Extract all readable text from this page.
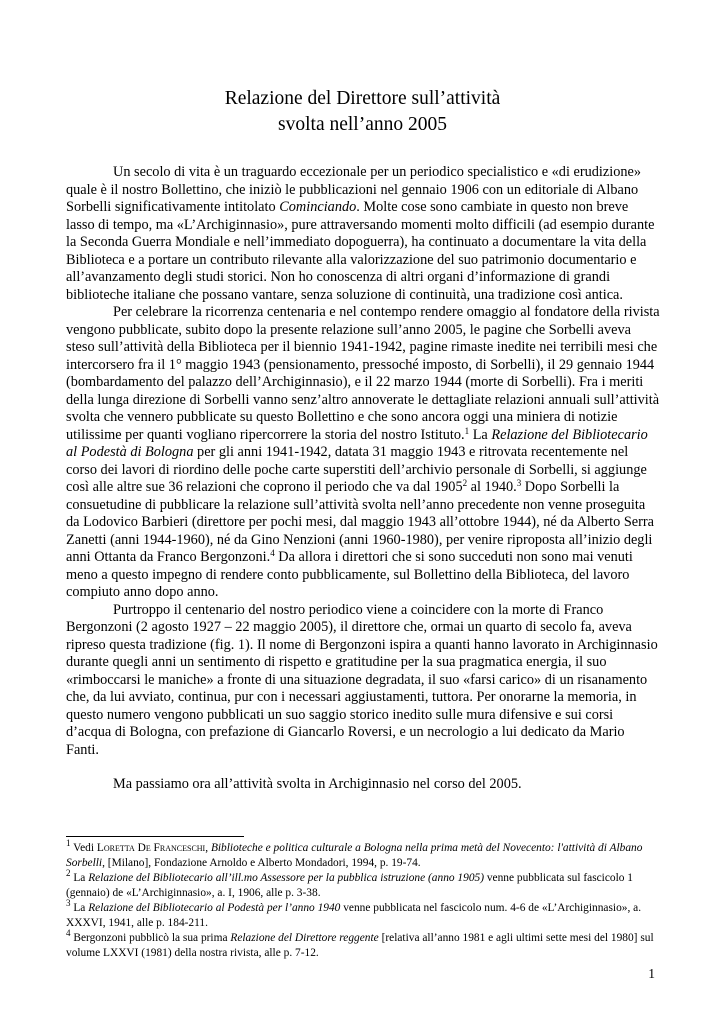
Relazione del Direttore sull’attività
svolta nell’anno 2005

Un secolo di vita è un traguardo eccezionale per un periodico specialistico e «di erudizione» quale è il nostro Bollettino, che iniziò le pubblicazioni nel gennaio 1906 con un editoriale di Albano Sorbelli significativamente intitolato Cominciando. Molte cose sono cambiate in questo non breve lasso di tempo, ma «L’Archiginnasio», pure attraversando momenti molto difficili (ad esempio durante la Seconda Guerra Mondiale e nell’immediato dopoguerra), ha continuato a documentare la vita della Biblioteca e a portare un contributo rilevante alla valorizzazione del suo patrimonio documentario e all’avanzamento degli studi storici. Non ho conoscenza di altri organi d’informazione di grandi biblioteche italiane che possano vantare, senza soluzione di continuità, una tradizione così antica.

Per celebrare la ricorrenza centenaria e nel contempo rendere omaggio al fondatore della rivista vengono pubblicate, subito dopo la presente relazione sull’anno 2005, le pagine che Sorbelli aveva steso sull’attività della Biblioteca per il biennio 1941-1942, pagine rimaste inedite nei terribili mesi che intercorsero fra il 1° maggio 1943 (pensionamento, pressoché imposto, di Sorbelli), il 29 gennaio 1944 (bombardamento del palazzo dell’Archiginnasio), e il 22 marzo 1944 (morte di Sorbelli). Fra i meriti della lunga direzione di Sorbelli vanno senz’altro annoverate le dettagliate relazioni annuali sull’attività svolta che vennero pubblicate su questo Bollettino e che sono ancora oggi una miniera di notizie utilissime per quanti vogliano ripercorrere la storia del nostro Istituto.$^1$ La Relazione del Bibliotecario al Podestà di Bologna per gli anni 1941-1942, datata 31 maggio 1943 e ritrovata recentemente nel corso dei lavori di riordino delle poche carte superstiti dell’archivio personale di Sorbelli, si aggiunge così alle altre sue 36 relazioni che coprono il periodo che va dal 1905$^2$ al 1940.$^3$ Dopo Sorbelli la consuetudine di pubblicare la relazione sull’attività svolta nell’anno precedente non venne proseguita da Lodovico Barbieri (direttore per pochi mesi, dal maggio 1943 all’ottobre 1944), né da Alberto Serra Zanetti (anni 1944-1960), né da Gino Nenzioni (anni 1960-1980), per venire riproposta all’inizio degli anni Ottanta da Franco Bergonzoni.$^4$ Da allora i direttori che si sono succeduti non sono mai venuti meno a questo impegno di rendere conto pubblicamente, sul Bollettino della Biblioteca, del lavoro compiuto anno dopo anno.

Purtroppo il centenario del nostro periodico viene a coincidere con la morte di Franco Bergonzoni (2 agosto 1927 – 22 maggio 2005), il direttore che, ormai un quarto di secolo fa, aveva ripreso questa tradizione (fig. 1). Il nome di Bergonzoni ispira a quanti hanno lavorato in Archiginnasio durante quegli anni un sentimento di rispetto e gratitudine per la sua pragmatica energia, il suo «rimboccarsi le maniche» a fronte di una situazione degradata, il suo «farsi carico» di un risanamento che, da lui avviato, continua, pur con i necessari aggiustamenti, tuttora. Per onorarne la memoria, in questo numero vengono pubblicati un suo saggio storico inedito sulle mura difensive e sui corsi d’acqua di Bologna, con prefazione di Giancarlo Roversi, e un necrologio a lui dedicato da Mario Fanti.

Ma passiamo ora all’attività svolta in Archiginnasio nel corso del 2005.

$^1$ Vedi Loretta De Franceschi, Biblioteche e politica culturale a Bologna nella prima metà del Novecento: l'attività di Albano Sorbelli, [Milano], Fondazione Arnoldo e Alberto Mondadori, 1994, p. 19-74.

$^2$ La Relazione del Bibliotecario all’ill.mo Assessore per la pubblica istruzione (anno 1905) venne pubblicata sul fascicolo 1 (gennaio) de «L’Archiginnasio», a. I, 1906, alle p. 3-38.

$^3$ La Relazione del Bibliotecario al Podestà per l’anno 1940 venne pubblicata nel fascicolo num. 4-6 de «L’Archiginnasio», a. XXXVI, 1941, alle p. 184-211.

$^4$ Bergonzoni pubblicò la sua prima Relazione del Direttore reggente [relativa all’anno 1981 e agli ultimi sette mesi del 1980] sul volume LXXVI (1981) della nostra rivista, alle p. 7-12.

1
